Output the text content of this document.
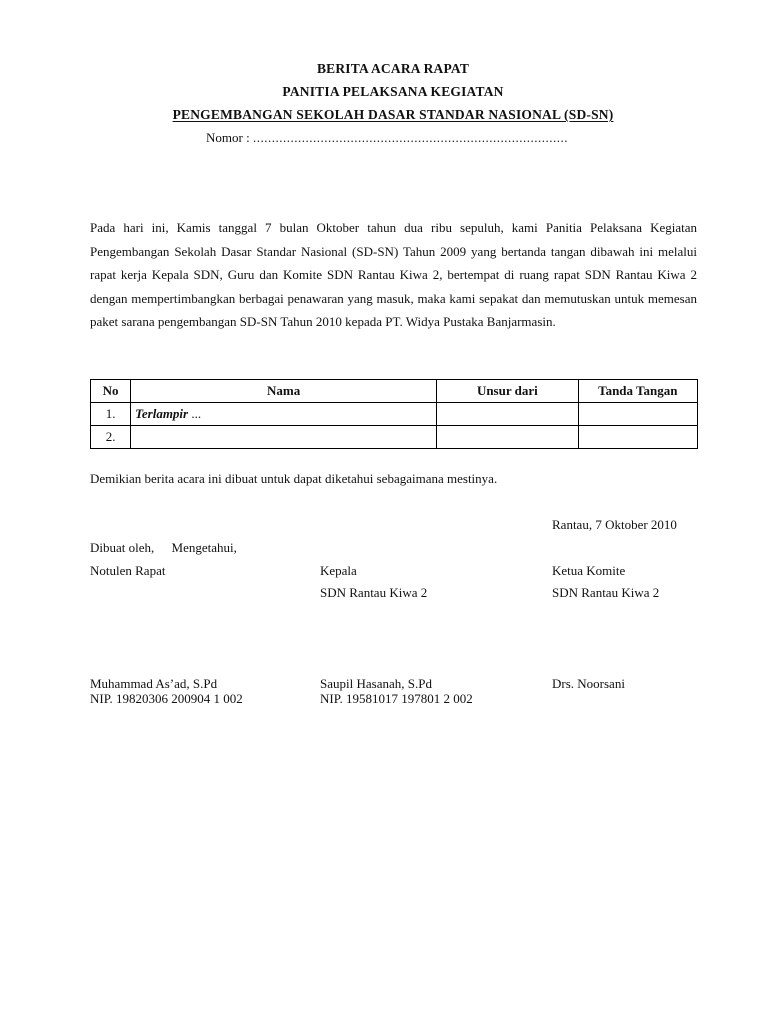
BERITA ACARA RAPAT
PANITIA PELAKSANA KEGIATAN
PENGEMBANGAN SEKOLAH DASAR STANDAR NASIONAL (SD-SN)
Nomor : ....................................................................................
Pada hari ini, Kamis tanggal 7 bulan Oktober tahun dua ribu sepuluh, kami Panitia Pelaksana Kegiatan Pengembangan Sekolah Dasar Standar Nasional (SD-SN) Tahun 2009 yang bertanda tangan dibawah ini melalui rapat kerja Kepala SDN, Guru dan Komite SDN Rantau Kiwa 2, bertempat di ruang rapat SDN Rantau Kiwa 2 dengan mempertimbangkan berbagai penawaran yang masuk, maka kami sepakat dan memutuskan untuk memesan paket sarana pengembangan SD-SN Tahun 2010 kepada PT. Widya Pustaka Banjarmasin.
No	Nama	Unsur dari	Tanda Tangan
1.	Terlampir ...		
2.			
Demikian berita acara ini dibuat untuk dapat diketahui sebagaimana mestinya.
Rantau, 7 Oktober 2010
Dibuat oleh, Mengetahui,
Notulen Rapat	Kepala	Ketua Komite
SDN Rantau Kiwa 2	SDN Rantau Kiwa 2
Muhammad As’ad, S.Pd	Saupil Hasanah, S.Pd	Drs. Noorsani
NIP. 19820306 200904 1 002	NIP. 19581017 197801 2 002
